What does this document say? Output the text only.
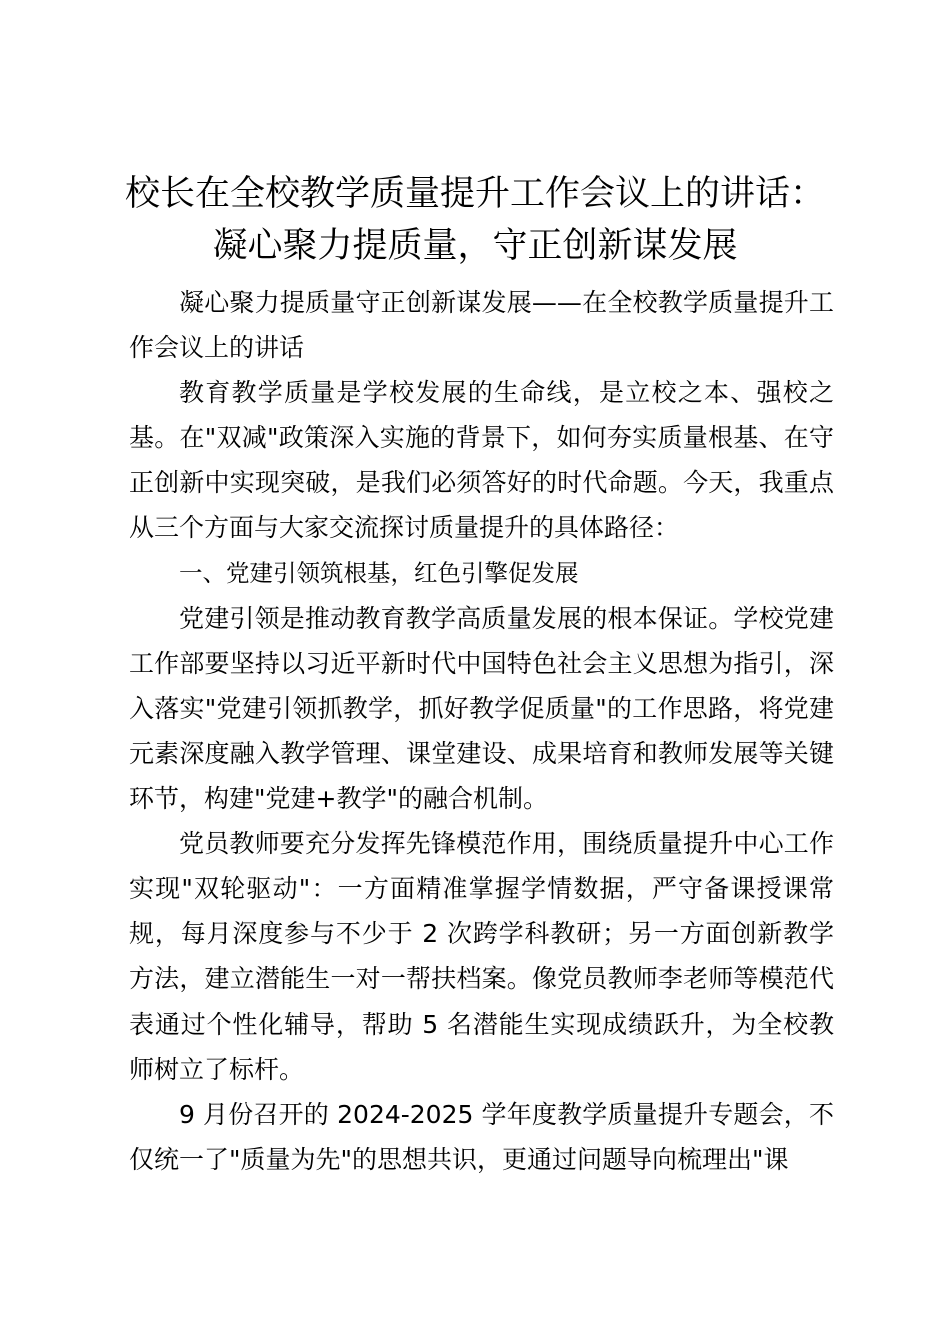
校长在全校教学质量提升工作会议上的讲话：
凝心聚力提质量，守正创新谋发展

凝心聚力提质量守正创新谋发展——在全校教学质量提升工作会议上的讲话

教育教学质量是学校发展的生命线，是立校之本、强校之基。在"双减"政策深入实施的背景下，如何夯实质量根基、在守正创新中实现突破，是我们必须答好的时代命题。今天，我重点从三个方面与大家交流探讨质量提升的具体路径：

一、党建引领筑根基，红色引擎促发展

党建引领是推动教育教学高质量发展的根本保证。学校党建工作部要坚持以习近平新时代中国特色社会主义思想为指引，深入落实"党建引领抓教学，抓好教学促质量"的工作思路，将党建元素深度融入教学管理、课堂建设、成果培育和教师发展等关键环节，构建"党建+教学"的融合机制。

党员教师要充分发挥先锋模范作用，围绕质量提升中心工作实现"双轮驱动"：一方面精准掌握学情数据，严守备课授课常规，每月深度参与不少于 2 次跨学科教研；另一方面创新教学方法，建立潜能生一对一帮扶档案。像党员教师李老师等模范代表通过个性化辅导，帮助 5 名潜能生实现成绩跃升，为全校教师树立了标杆。

9 月份召开的 2024-2025 学年度教学质量提升专题会，不仅统一了"质量为先"的思想共识，更通过问题导向梳理出"课
